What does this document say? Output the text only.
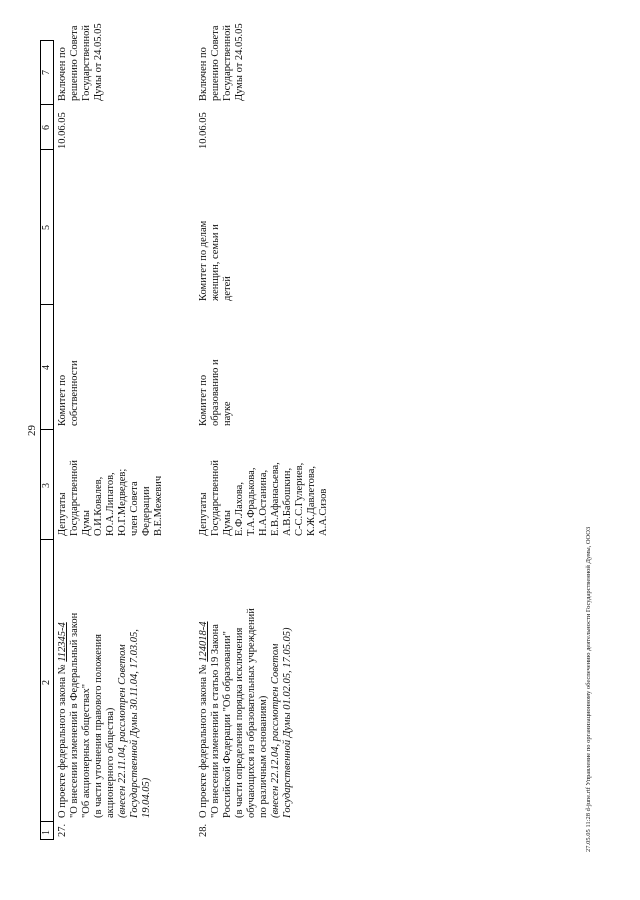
29
27.05.05 11:28 d-june.rtf Управление по организационному обеспечению деятельности Государственной Думы, ООО3
1
2
3
4
5
6
7
27.
О проекте федерального закона № 112345-4 "О внесении изменений в Федеральный закон "Об акционерных обществах" (в части уточнения правового положения акционерного общества) (внесен 22.11.04, рассмотрен Советом Государственной Думы 30.11.04, 17.03.05, 19.04.05)
Депутаты Государственной Думы О.И.Ковалев, Ю.А.Липатов, Ю.Г.Медведев; член Совета Федерации В.Е.Межевич
Комитет по собственности
10.06.05
Включен по решению Совета Государственной Думы от 24.05.05
28.
О проекте федерального закона № 124018-4 "О внесении изменений в статью 19 Закона Российской Федерации "Об образовании" (в части определения порядка исключения обучающихся из образовательных учреждений по различным основаниям) (внесен 22.12.04, рассмотрен Советом Государственной Думы 01.02.05, 17.05.05)
Депутаты Государственной Думы Е.Ф.Лахова, Т.А.Фрадькова, Н.А.Останина, Е.В.Афанасьева, А.В.Бабошкин, С-С.С.Гулериев, К.Ж.Давлетова, А.А.Сизов
Комитет по образованию и науке
Комитет по делам женщин, семьи и детей
10.06.05
Включен по решению Совета Государственной Думы от 24.05.05
